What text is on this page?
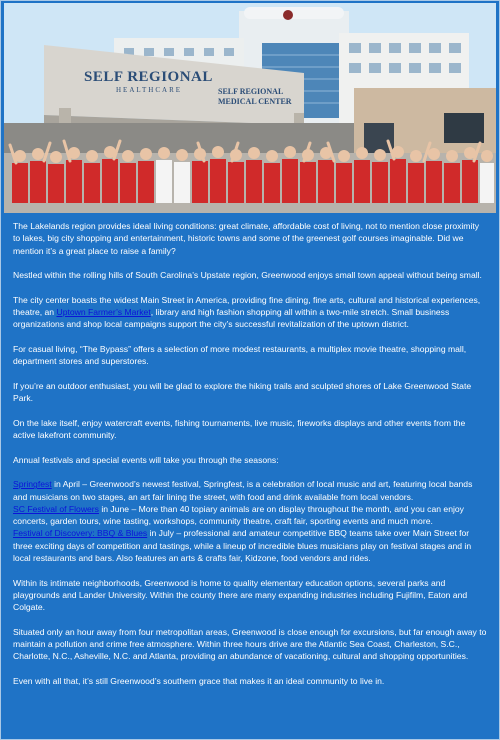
SELF REGIONAL
HEALTHCARE	SELF REGIONAL
MEDICAL CENTER

The Lakelands region provides ideal living conditions: great climate, affordable cost of living, not to mention close proximity to lakes, big city shopping and entertainment, historic towns and some of the greenest golf courses imaginable. Did we mention it’s a great place to raise a family?

Nestled within the rolling hills of South Carolina’s Upstate region, Greenwood enjoys small town appeal without being small.

The city center boasts the widest Main Street in America, providing fine dining, fine arts, cultural and historical experiences, theatre, an Uptown Farmer’s Market, library and high fashion shopping all within a two-mile stretch. Small business organizations and shop local campaigns support the city’s successful revitalization of the uptown district.

For casual living, “The Bypass” offers a selection of more modest restaurants, a multiplex movie theatre, shopping mall, department stores and superstores.

If you’re an outdoor enthusiast, you will be glad to explore the hiking trails and sculpted shores of Lake Greenwood State Park.

On the lake itself, enjoy watercraft events, fishing tournaments, live music, fireworks displays and other events from the active lakefront community.

Annual festivals and special events will take you through the seasons:

Springfest in April – Greenwood’s newest festival, Springfest, is a celebration of local music and art, featuring local bands and musicians on two stages, an art fair lining the street, with food and drink available from local vendors.
SC Festival of Flowers in June – More than 40 topiary animals are on display throughout the month, and you can enjoy concerts, garden tours, wine tasting, workshops, community theatre, craft fair, sporting events and much more.
Festival of Discovery: BBQ & Blues in July – professional and amateur competitive BBQ teams take over Main Street for three exciting days of competition and tastings, while a lineup of incredible blues musicians play on festival stages and in local restaurants and bars. Also features an arts & crafts fair, Kidzone, food vendors and rides.

Within its intimate neighborhoods, Greenwood is home to quality elementary education options, several parks and playgrounds and Lander University. Within the county there are many expanding industries including Fujifilm, Eaton and Colgate.

Situated only an hour away from four metropolitan areas, Greenwood is close enough for excursions, but far enough away to maintain a pollution and crime free atmosphere. Within three hours drive are the Atlantic Sea Coast, Charleston, S.C., Charlotte, N.C., Asheville, N.C. and Atlanta, providing an abundance of vacationing, cultural and shopping opportunities.

Even with all that, it’s still Greenwood’s southern grace that makes it an ideal community to live in.
